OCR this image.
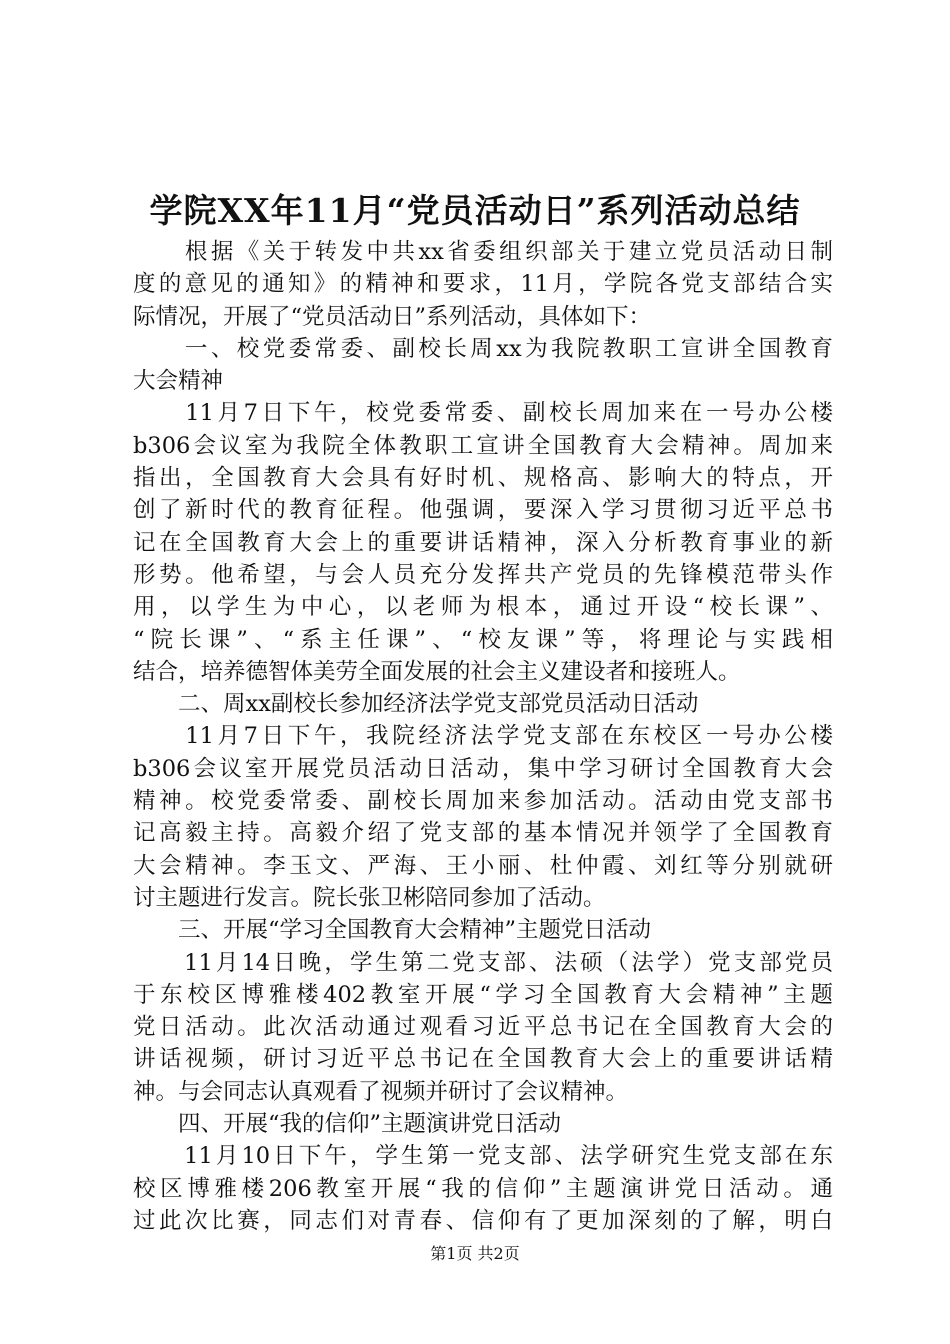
学院XX年11月“党员活动日”系列活动总结
　　根据《关于转发中共xx省委组织部关于建立党员活动日制
度的意见的通知》的精神和要求，11月，学院各党支部结合实
际情况，开展了“党员活动日”系列活动，具体如下：
　　一、校党委常委、副校长周xx为我院教职工宣讲全国教育
大会精神
　　11月7日下午，校党委常委、副校长周加来在一号办公楼
b306会议室为我院全体教职工宣讲全国教育大会精神。周加来
指出，全国教育大会具有好时机、规格高、影响大的特点，开
创了新时代的教育征程。他强调，要深入学习贯彻习近平总书
记在全国教育大会上的重要讲话精神，深入分析教育事业的新
形势。他希望，与会人员充分发挥共产党员的先锋模范带头作
用，以学生为中心，以老师为根本，通过开设“校长课”、
“院长课”、“系主任课”、“校友课”等，将理论与实践相
结合，培养德智体美劳全面发展的社会主义建设者和接班人。
　　二、周xx副校长参加经济法学党支部党员活动日活动
　　11月7日下午，我院经济法学党支部在东校区一号办公楼
b306会议室开展党员活动日活动，集中学习研讨全国教育大会
精神。校党委常委、副校长周加来参加活动。活动由党支部书
记高毅主持。高毅介绍了党支部的基本情况并领学了全国教育
大会精神。李玉文、严海、王小丽、杜仲霞、刘红等分别就研
讨主题进行发言。院长张卫彬陪同参加了活动。
　　三、开展“学习全国教育大会精神”主题党日活动
　　11月14日晚，学生第二党支部、法硕（法学）党支部党员
于东校区博雅楼402教室开展“学习全国教育大会精神”主题
党日活动。此次活动通过观看习近平总书记在全国教育大会的
讲话视频，研讨习近平总书记在全国教育大会上的重要讲话精
神。与会同志认真观看了视频并研讨了会议精神。
　　四、开展“我的信仰”主题演讲党日活动
　　11月10日下午，学生第一党支部、法学研究生党支部在东
校区博雅楼206教室开展“我的信仰”主题演讲党日活动。通
过此次比赛，同志们对青春、信仰有了更加深刻的了解，明白
第1页 共2页
